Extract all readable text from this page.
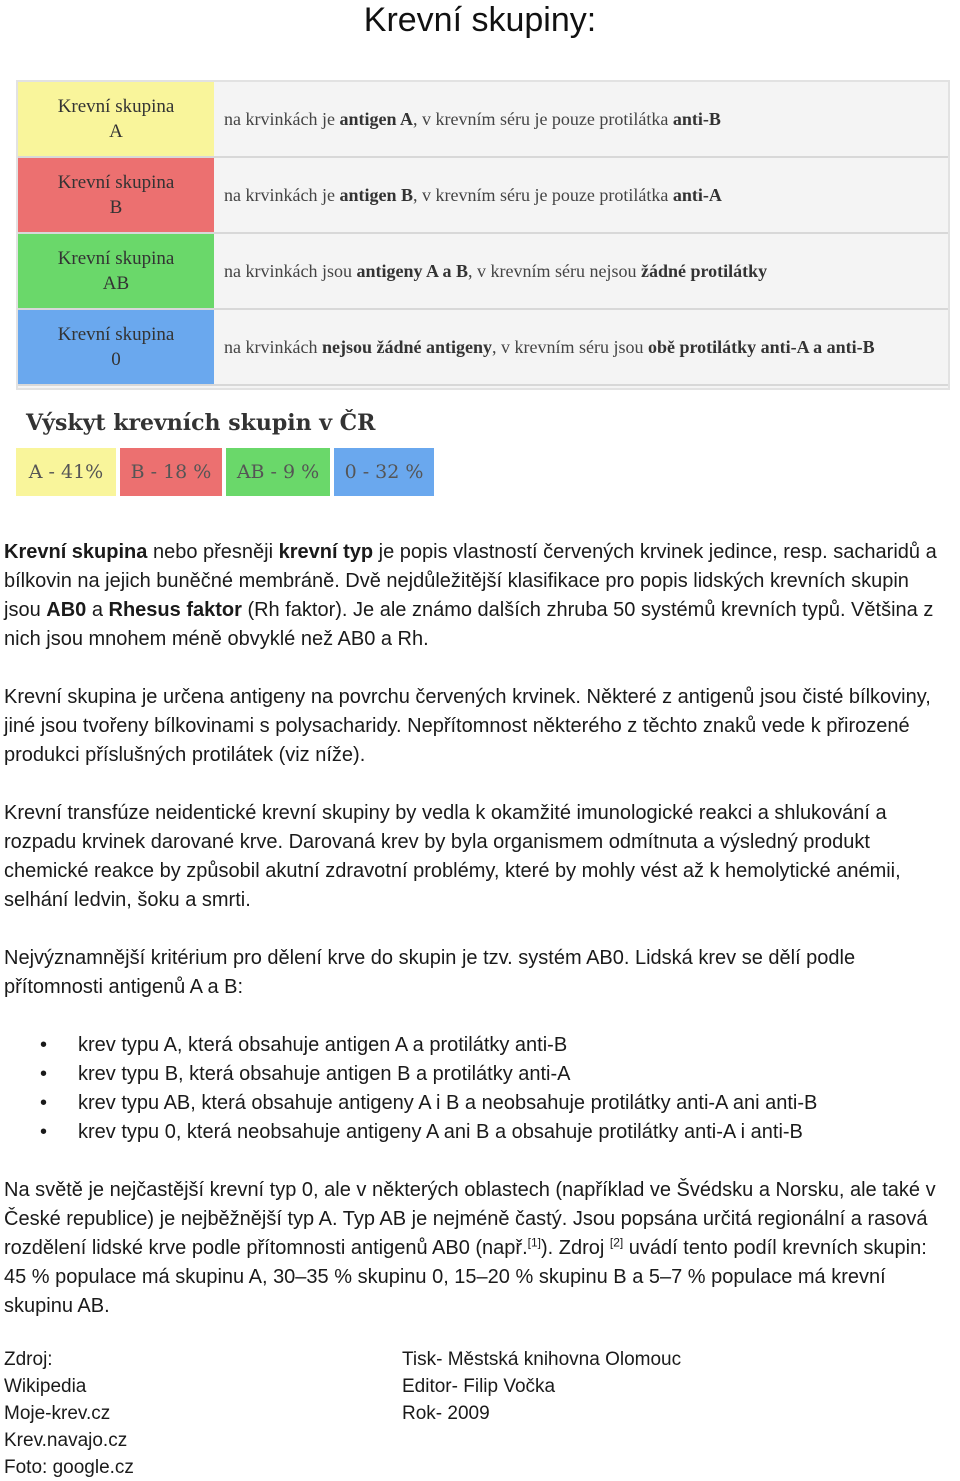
Krevní skupiny:
Krevní skupina
A
na krvinkách je antigen A, v krevním séru je pouze protilátka anti-B
Krevní skupina
B
na krvinkách je antigen B, v krevním séru je pouze protilátka anti-A
Krevní skupina
AB
na krvinkách jsou antigeny A a B, v krevním séru nejsou žádné protilátky
Krevní skupina
0
na krvinkách nejsou žádné antigeny, v krevním séru jsou obě protilátky anti-A a anti-B
Výskyt krevních skupin v ČR
A - 41%	B - 18 %	AB - 9 %	0 - 32 %

Krevní skupina nebo přesněji krevní typ je popis vlastností červených krvinek jedince, resp. sacharidů a bílkovin na jejich buněčné membráně. Dvě nejdůležitější klasifikace pro popis lidských krevních skupin jsou AB0 a Rhesus faktor (Rh faktor). Je ale známo dalších zhruba 50 systémů krevních typů. Většina z nich jsou mnohem méně obvyklé než AB0 a Rh.

Krevní skupina je určena antigeny na povrchu červených krvinek. Některé z antigenů jsou čisté bílkoviny, jiné jsou tvořeny bílkovinami s polysacharidy. Nepřítomnost některého z těchto znaků vede k přirozené produkci příslušných protilátek (viz níže).

Krevní transfúze neidentické krevní skupiny by vedla k okamžité imunologické reakci a shlukování a rozpadu krvinek darované krve. Darovaná krev by byla organismem odmítnuta a výsledný produkt chemické reakce by způsobil akutní zdravotní problémy, které by mohly vést až k hemolytické anémii, selhání ledvin, šoku a smrti.

Nejvýznamnější kritérium pro dělení krve do skupin je tzv. systém AB0. Lidská krev se dělí podle přítomnosti antigenů A a B:

• krev typu A, která obsahuje antigen A a protilátky anti-B
• krev typu B, která obsahuje antigen B a protilátky anti-A
• krev typu AB, která obsahuje antigeny A i B a neobsahuje protilátky anti-A ani anti-B
• krev typu 0, která neobsahuje antigeny A ani B a obsahuje protilátky anti-A i anti-B

Na světě je nejčastější krevní typ 0, ale v některých oblastech (například ve Švédsku a Norsku, ale také v České republice) je nejběžnější typ A. Typ AB je nejméně častý. Jsou popsána určitá regionální a rasová rozdělení lidské krve podle přítomnosti antigenů AB0 (např.[1]). Zdroj [2] uvádí tento podíl krevních skupin: 45 % populace má skupinu A, 30–35 % skupinu 0, 15–20 % skupinu B a 5–7 % populace má krevní skupinu AB.

Zdroj:
Wikipedia
Moje-krev.cz
Krev.navajo.cz
Foto: google.cz
Tisk- Městská knihovna Olomouc
Editor- Filip Vočka
Rok- 2009
